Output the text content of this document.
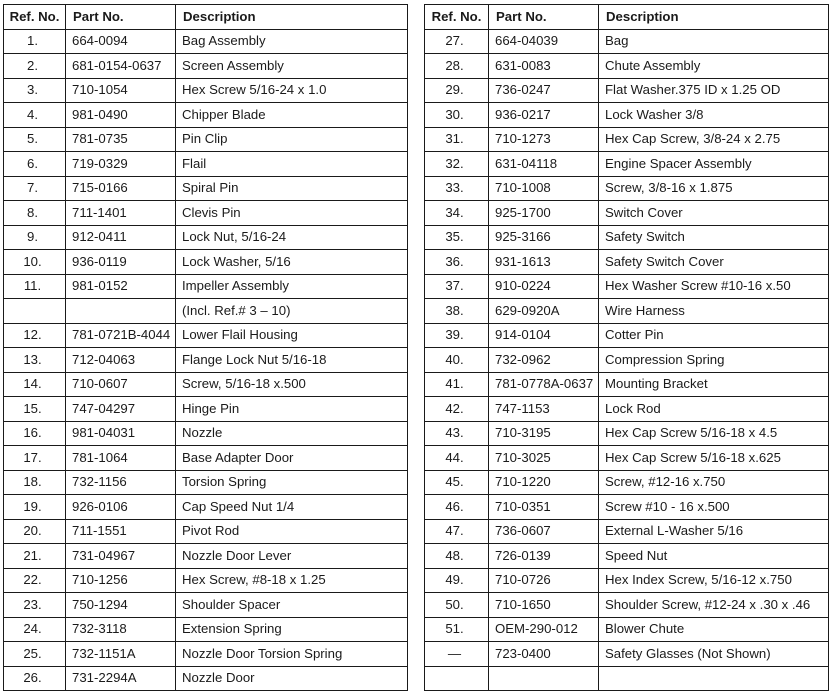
Ref. No.	Part No.	Description
1.	664-0094	Bag Assembly
2.	681-0154-0637	Screen Assembly
3.	710-1054	Hex Screw 5/16-24 x 1.0
4.	981-0490	Chipper Blade
5.	781-0735	Pin Clip
6.	719-0329	Flail
7.	715-0166	Spiral Pin
8.	711-1401	Clevis Pin
9.	912-0411	Lock Nut, 5/16-24
10.	936-0119	Lock Washer, 5/16
11.	981-0152	Impeller Assembly
		(Incl. Ref.# 3 – 10)
12.	781-0721B-4044	Lower Flail Housing
13.	712-04063	Flange Lock Nut 5/16-18
14.	710-0607	Screw, 5/16-18 x.500
15.	747-04297	Hinge Pin
16.	981-04031	Nozzle
17.	781-1064	Base Adapter Door
18.	732-1156	Torsion Spring
19.	926-0106	Cap Speed Nut 1/4
20.	711-1551	Pivot Rod
21.	731-04967	Nozzle Door Lever
22.	710-1256	Hex Screw, #8-18 x 1.25
23.	750-1294	Shoulder Spacer
24.	732-3118	Extension Spring
25.	732-1151A	Nozzle Door Torsion Spring
26.	731-2294A	Nozzle Door
Ref. No.	Part No.	Description
27.	664-04039	Bag
28.	631-0083	Chute Assembly
29.	736-0247	Flat Washer.375 ID x 1.25 OD
30.	936-0217	Lock Washer 3/8
31.	710-1273	Hex Cap Screw, 3/8-24 x 2.75
32.	631-04118	Engine Spacer Assembly
33.	710-1008	Screw, 3/8-16 x 1.875
34.	925-1700	Switch Cover
35.	925-3166	Safety Switch
36.	931-1613	Safety Switch Cover
37.	910-0224	Hex Washer Screw #10-16 x.50
38.	629-0920A	Wire Harness
39.	914-0104	Cotter Pin
40.	732-0962	Compression Spring
41.	781-0778A-0637	Mounting Bracket
42.	747-1153	Lock Rod
43.	710-3195	Hex Cap Screw 5/16-18 x 4.5
44.	710-3025	Hex Cap Screw 5/16-18 x.625
45.	710-1220	Screw, #12-16 x.750
46.	710-0351	Screw #10 - 16 x.500
47.	736-0607	External L-Washer 5/16
48.	726-0139	Speed Nut
49.	710-0726	Hex Index Screw, 5/16-12 x.750
50.	710-1650	Shoulder Screw, #12-24 x .30 x .46
51.	OEM-290-012	Blower Chute
—	723-0400	Safety Glasses (Not Shown)
